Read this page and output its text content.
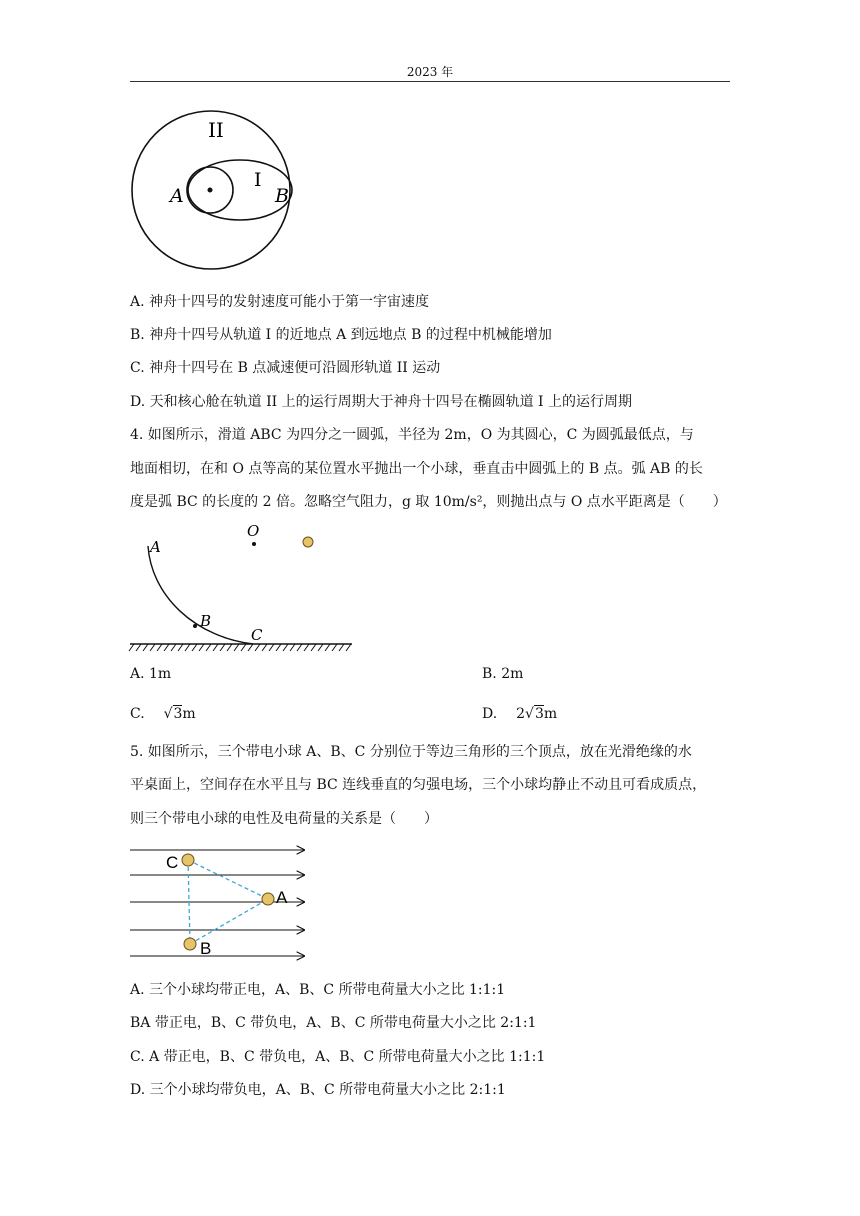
2023 年
II
I
A	B
A. 神舟十四号的发射速度可能小于第一宇宙速度
B. 神舟十四号从轨道 I 的近地点 A 到远地点 B 的过程中机械能增加
C. 神舟十四号在 B 点减速便可沿圆形轨道 II 运动
D. 天和核心舱在轨道 II 上的运行周期大于神舟十四号在椭圆轨道 I 上的运行周期
4. 如图所示，滑道 ABC 为四分之一圆弧，半径为 2m，O 为其圆心，C 为圆弧最低点，与
地面相切，在和 O 点等高的某位置水平抛出一个小球，垂直击中圆弧上的 B 点。弧 AB 的长
度是弧 BC 的长度的 2 倍。忽略空气阻力，g 取 10m/s²，则抛出点与 O 点水平距离是（　　）
O
A
B
C
A. 1m	B. 2m
C. √3m	D. 2√3m
5. 如图所示，三个带电小球 A、B、C 分别位于等边三角形的三个顶点，放在光滑绝缘的水
平桌面上，空间存在水平且与 BC 连线垂直的匀强电场，三个小球均静止不动且可看成质点，
则三个带电小球的电性及电荷量的关系是（　　）
C
A
B
A. 三个小球均带正电，A、B、C 所带电荷量大小之比 1:1:1
BA 带正电，B、C 带负电，A、B、C 所带电荷量大小之比 2:1:1
C. A 带正电，B、C 带负电，A、B、C 所带电荷量大小之比 1:1:1
D. 三个小球均带负电，A、B、C 所带电荷量大小之比 2:1:1
